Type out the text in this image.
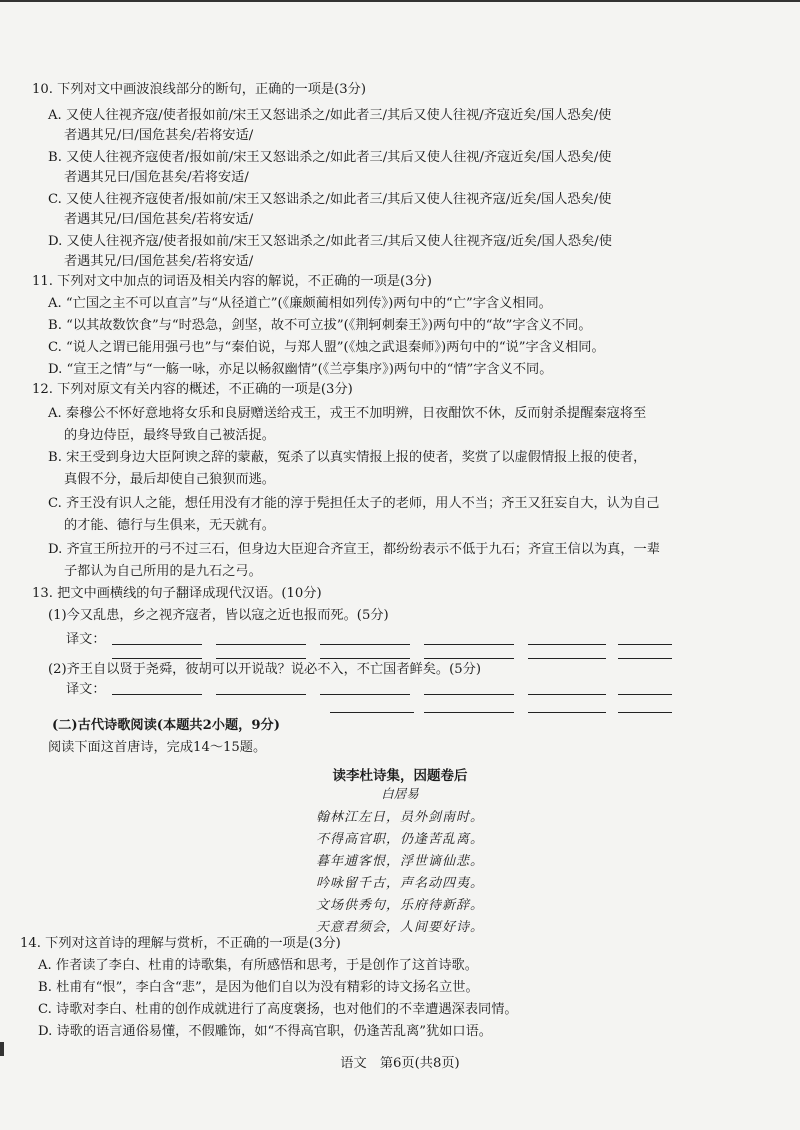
10. 下列对文中画波浪线部分的断句，正确的一项是(3分)
A. 又使人往视齐寇/使者报如前/宋王又怒诎杀之/如此者三/其后又使人往视/齐寇近矣/国人恐矣/使
者遇其兄/曰/国危甚矣/若将安适/
B. 又使人往视齐寇使者/报如前/宋王又怒诎杀之/如此者三/其后又使人往视/齐寇近矣/国人恐矣/使
者遇其兄曰/国危甚矣/若将安适/
C. 又使人往视齐寇使者/报如前/宋王又怒诎杀之/如此者三/其后又使人往视齐寇/近矣/国人恐矣/使
者遇其兄/曰/国危甚矣/若将安适/
D. 又使人往视齐寇/使者报如前/宋王又怒诎杀之/如此者三/其后又使人往视齐寇/近矣/国人恐矣/使
者遇其兄/曰/国危甚矣/若将安适/
11. 下列对文中加点的词语及相关内容的解说，不正确的一项是(3分)
A. “亡国之主不可以直言”与“从径道亡”(《廉颇蔺相如列传》)两句中的“亡”字含义相同。
B. “以其故数饮食”与“时恐急，剑坚，故不可立拔”(《荆轲刺秦王》)两句中的“故”字含义不同。
C. “说人之谓已能用强弓也”与“秦伯说，与郑人盟”(《烛之武退秦师》)两句中的“说”字含义相同。
D. “宣王之情”与“一觞一咏，亦足以畅叙幽情”(《兰亭集序》)两句中的“情”字含义不同。
12. 下列对原文有关内容的概述，不正确的一项是(3分)
A. 秦穆公不怀好意地将女乐和良厨赠送给戎王，戎王不加明辨，日夜酣饮不休，反而射杀提醒秦寇将至
的身边侍臣，最终导致自己被活捉。
B. 宋王受到身边大臣阿谀之辞的蒙蔽，冤杀了以真实情报上报的使者，奖赏了以虚假情报上报的使者，
真假不分，最后却使自己狼狈而逃。
C. 齐王没有识人之能，想任用没有才能的淳于髡担任太子的老师，用人不当；齐王又狂妄自大，认为自己
的才能、德行与生俱来，无天就有。
D. 齐宣王所拉开的弓不过三石，但身边大臣迎合齐宣王，都纷纷表示不低于九石；齐宣王信以为真，一辈
子都认为自己所用的是九石之弓。
13. 把文中画横线的句子翻译成现代汉语。(10分)
(1)今又乱患，乡之视齐寇者，皆以寇之近也报而死。(5分)
译文：
(2)齐王自以贤于尧舜，彼胡可以开说哉？说必不入，不亡国者鲜矣。(5分)
译文：
(二)古代诗歌阅读(本题共2小题，9分)
阅读下面这首唐诗，完成14～15题。
读李杜诗集，因题卷后
白居易
翰林江左日，员外剑南时。
不得高官职，仍逢苦乱离。
暮年逋客恨，浮世谪仙悲。
吟咏留千古，声名动四夷。
文场供秀句，乐府待新辞。
天意君须会，人间要好诗。
14. 下列对这首诗的理解与赏析，不正确的一项是(3分)
A. 作者读了李白、杜甫的诗歌集，有所感悟和思考，于是创作了这首诗歌。
B. 杜甫有“恨”，李白含“悲”，是因为他们自以为没有精彩的诗文扬名立世。
C. 诗歌对李白、杜甫的创作成就进行了高度褒扬，也对他们的不幸遭遇深表同情。
D. 诗歌的语言通俗易懂，不假雕饰，如“不得高官职，仍逢苦乱离”犹如口语。
语文　第6页(共8页)
